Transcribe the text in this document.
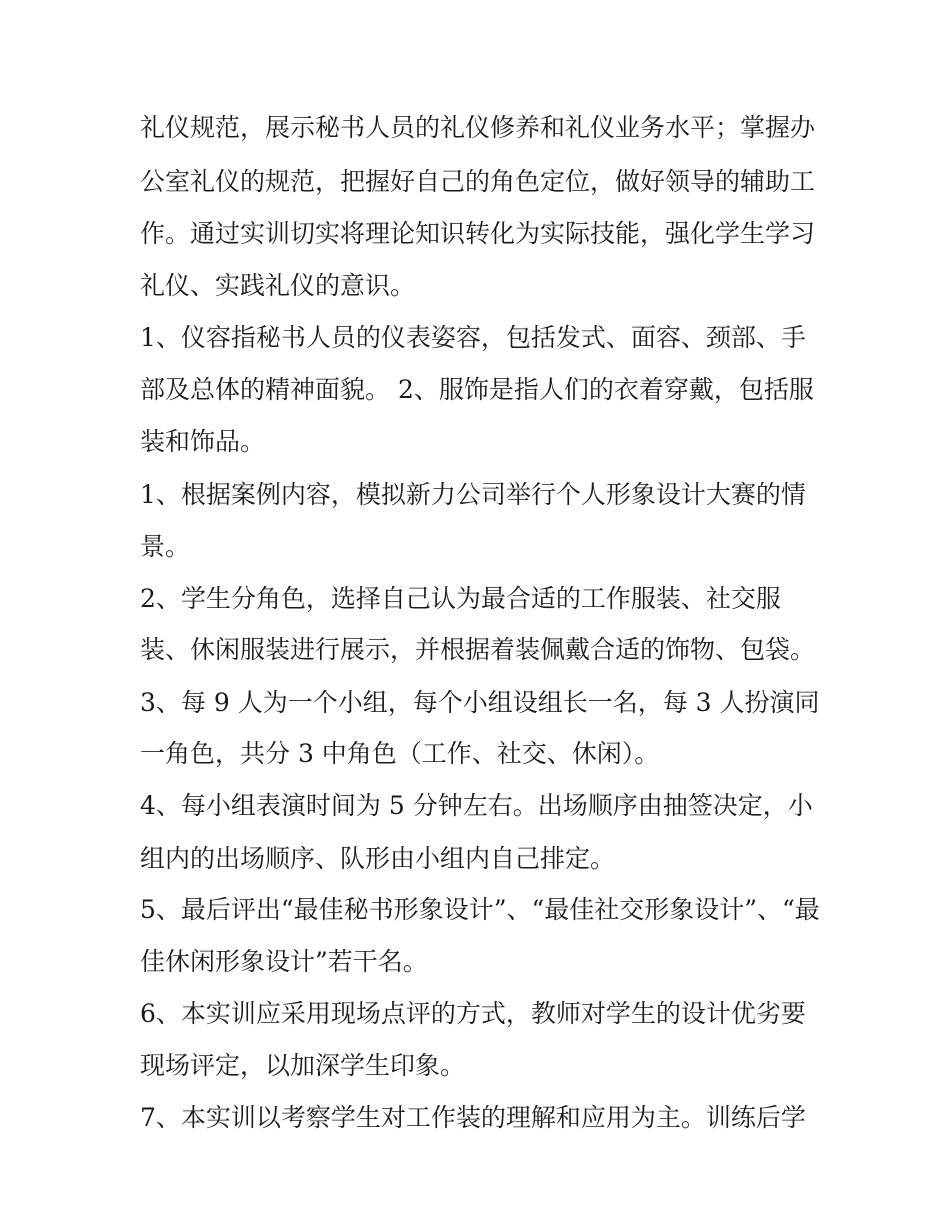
礼仪规范，展示秘书人员的礼仪修养和礼仪业务水平；掌握办
公室礼仪的规范，把握好自己的角色定位，做好领导的辅助工
作。通过实训切实将理论知识转化为实际技能，强化学生学习
礼仪、实践礼仪的意识。
1、仪容指秘书人员的仪表姿容，包括发式、面容、颈部、手
部及总体的精神面貌。 2、服饰是指人们的衣着穿戴，包括服
装和饰品。
1、根据案例内容，模拟新力公司举行个人形象设计大赛的情
景。
2、学生分角色，选择自己认为最合适的工作服装、社交服
装、休闲服装进行展示，并根据着装佩戴合适的饰物、包袋。
3、每 9 人为一个小组，每个小组设组长一名，每 3 人扮演同
一角色，共分 3 中角色（工作、社交、休闲）。
4、每小组表演时间为 5 分钟左右。出场顺序由抽签决定，小
组内的出场顺序、队形由小组内自己排定。
5、最后评出“最佳秘书形象设计”、“最佳社交形象设计”、“最
佳休闲形象设计”若干名。
6、本实训应采用现场点评的方式，教师对学生的设计优劣要
现场评定，以加深学生印象。
7、本实训以考察学生对工作装的理解和应用为主。训练后学
